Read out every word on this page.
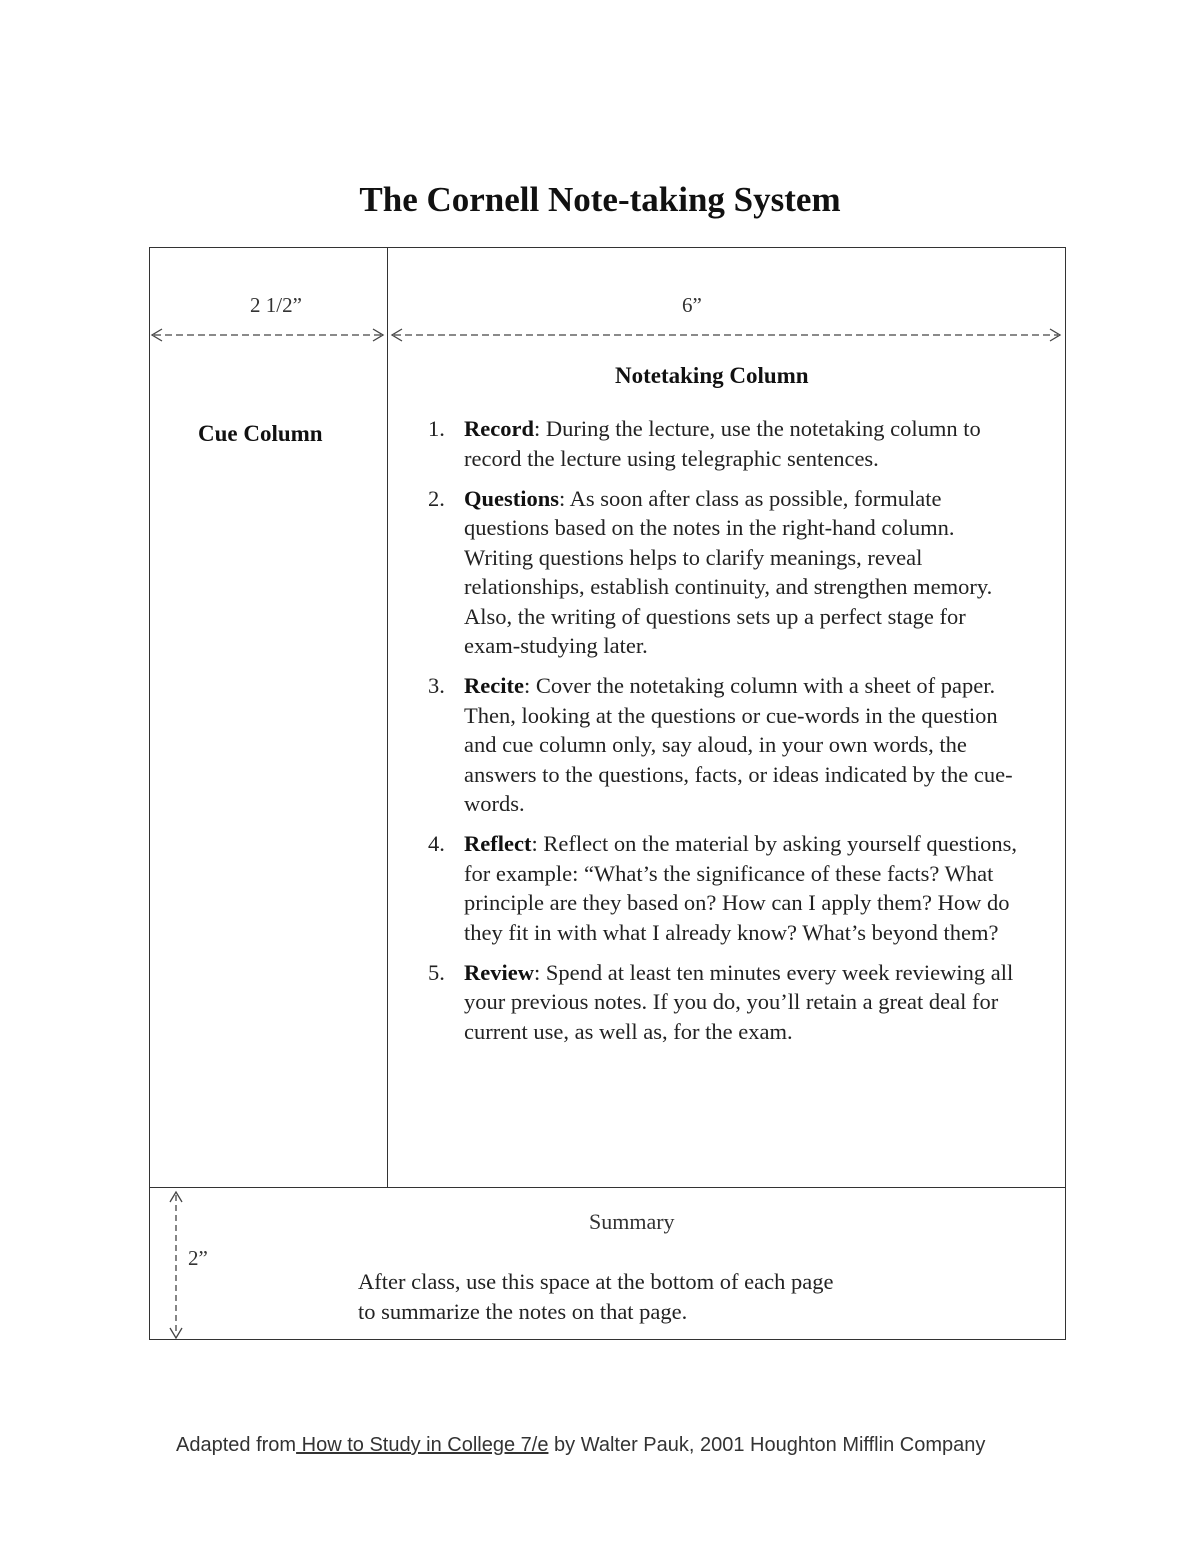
The Cornell Note-taking System
2 1/2”	6”
2”
Cue Column
Notetaking Column
1. Record: During the lecture, use the notetaking column to record the lecture using telegraphic sentences.
2. Questions: As soon after class as possible, formulate questions based on the notes in the right-hand column. Writing questions helps to clarify meanings, reveal relationships, establish continuity, and strengthen memory. Also, the writing of questions sets up a perfect stage for exam-studying later.
3. Recite: Cover the notetaking column with a sheet of paper. Then, looking at the questions or cue-words in the question and cue column only, say aloud, in your own words, the answers to the questions, facts, or ideas indicated by the cue-words.
4. Reflect: Reflect on the material by asking yourself questions, for example: “What’s the significance of these facts? What principle are they based on? How can I apply them? How do they fit in with what I already know? What’s beyond them?
5. Review: Spend at least ten minutes every week reviewing all your previous notes. If you do, you’ll retain a great deal for current use, as well as, for the exam.
Summary
After class, use this space at the bottom of each page
to summarize the notes on that page.
Adapted from How to Study in College 7/e by Walter Pauk, 2001 Houghton Mifflin Company
